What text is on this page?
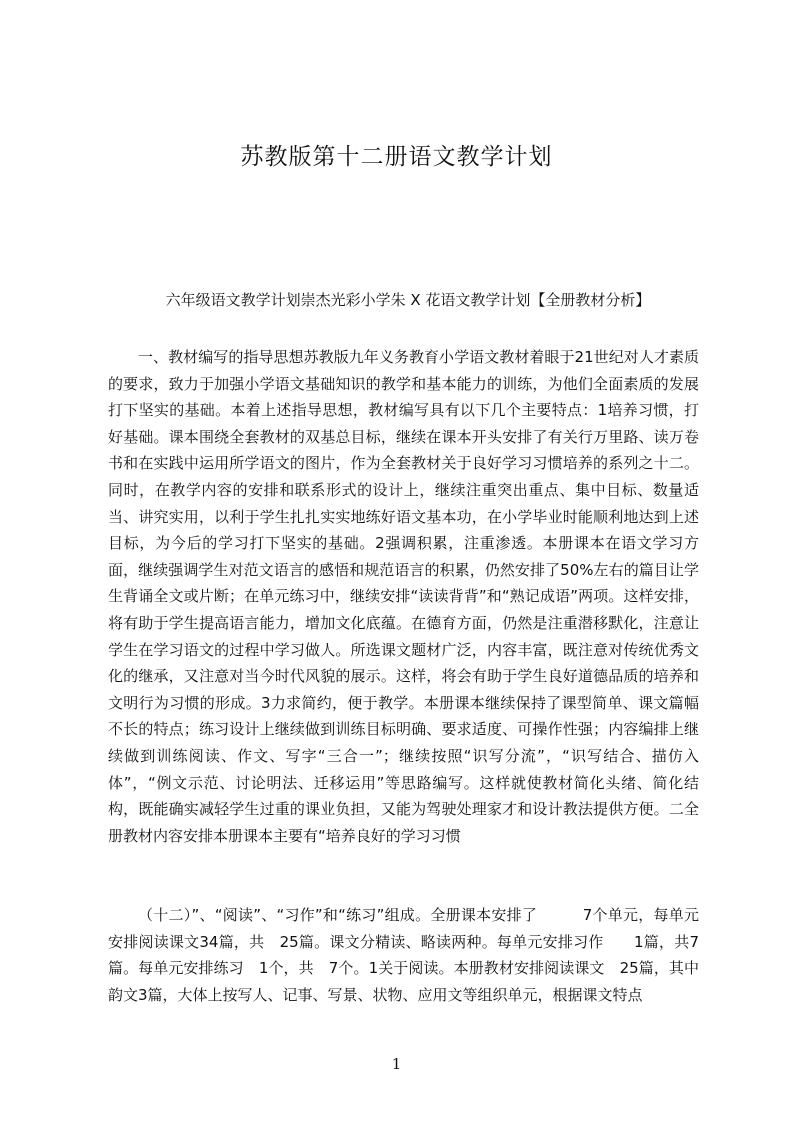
苏教版第十二册语文教学计划

六年级语文教学计划崇杰光彩小学朱 X 花语文教学计划【全册教材分析】

一、教材编写的指导思想苏教版九年义务教育小学语文教材着眼于21世纪对人才素质的要求，致力于加强小学语文基础知识的教学和基本能力的训练，为他们全面素质的发展打下坚实的基础。本着上述指导思想，教材编写具有以下几个主要特点：1培养习惯，打好基础。课本围绕全套教材的双基总目标，继续在课本开头安排了有关行万里路、读万卷书和在实践中运用所学语文的图片，作为全套教材关于良好学习习惯培养的系列之十二。同时，在教学内容的安排和联系形式的设计上，继续注重突出重点、集中目标、数量适当、讲究实用，以利于学生扎扎实实地练好语文基本功，在小学毕业时能顺利地达到上述目标，为今后的学习打下坚实的基础。2强调积累，注重渗透。本册课本在语文学习方面，继续强调学生对范文语言的感悟和规范语言的积累，仍然安排了50%左右的篇目让学生背诵全文或片断；在单元练习中，继续安排“读读背背”和“熟记成语”两项。这样安排，将有助于学生提高语言能力，增加文化底蕴。在德育方面，仍然是注重潜移默化，注意让学生在学习语文的过程中学习做人。所选课文题材广泛，内容丰富，既注意对传统优秀文化的继承，又注意对当今时代风貌的展示。这样，将会有助于学生良好道德品质的培养和文明行为习惯的形成。3力求简约，便于教学。本册课本继续保持了课型简单、课文篇幅不长的特点；练习设计上继续做到训练目标明确、要求适度、可操作性强；内容编排上继续做到训练阅读、作文、写字“三合一”；继续按照“识写分流”，“识写结合、描仿入体”，“例文示范、讨论明法、迁移运用”等思路编写。这样就使教材简化头绪、简化结构，既能确实减轻学生过重的课业负担，又能为驾驶处理家才和设计教法提供方便。二全册教材内容安排本册课本主要有“培养良好的学习习惯

（十二）”、“阅读”、“习作”和“练习”组成。全册课本安排了　　　7个单元，每单元安排阅读课文34篇，共　25篇。课文分精读、略读两种。每单元安排习作　　1篇，共7篇。每单元安排练习　1个，共　7个。1关于阅读。本册教材安排阅读课文　25篇，其中韵文3篇，大体上按写人、记事、写景、状物、应用文等组织单元，根据课文特点

1
